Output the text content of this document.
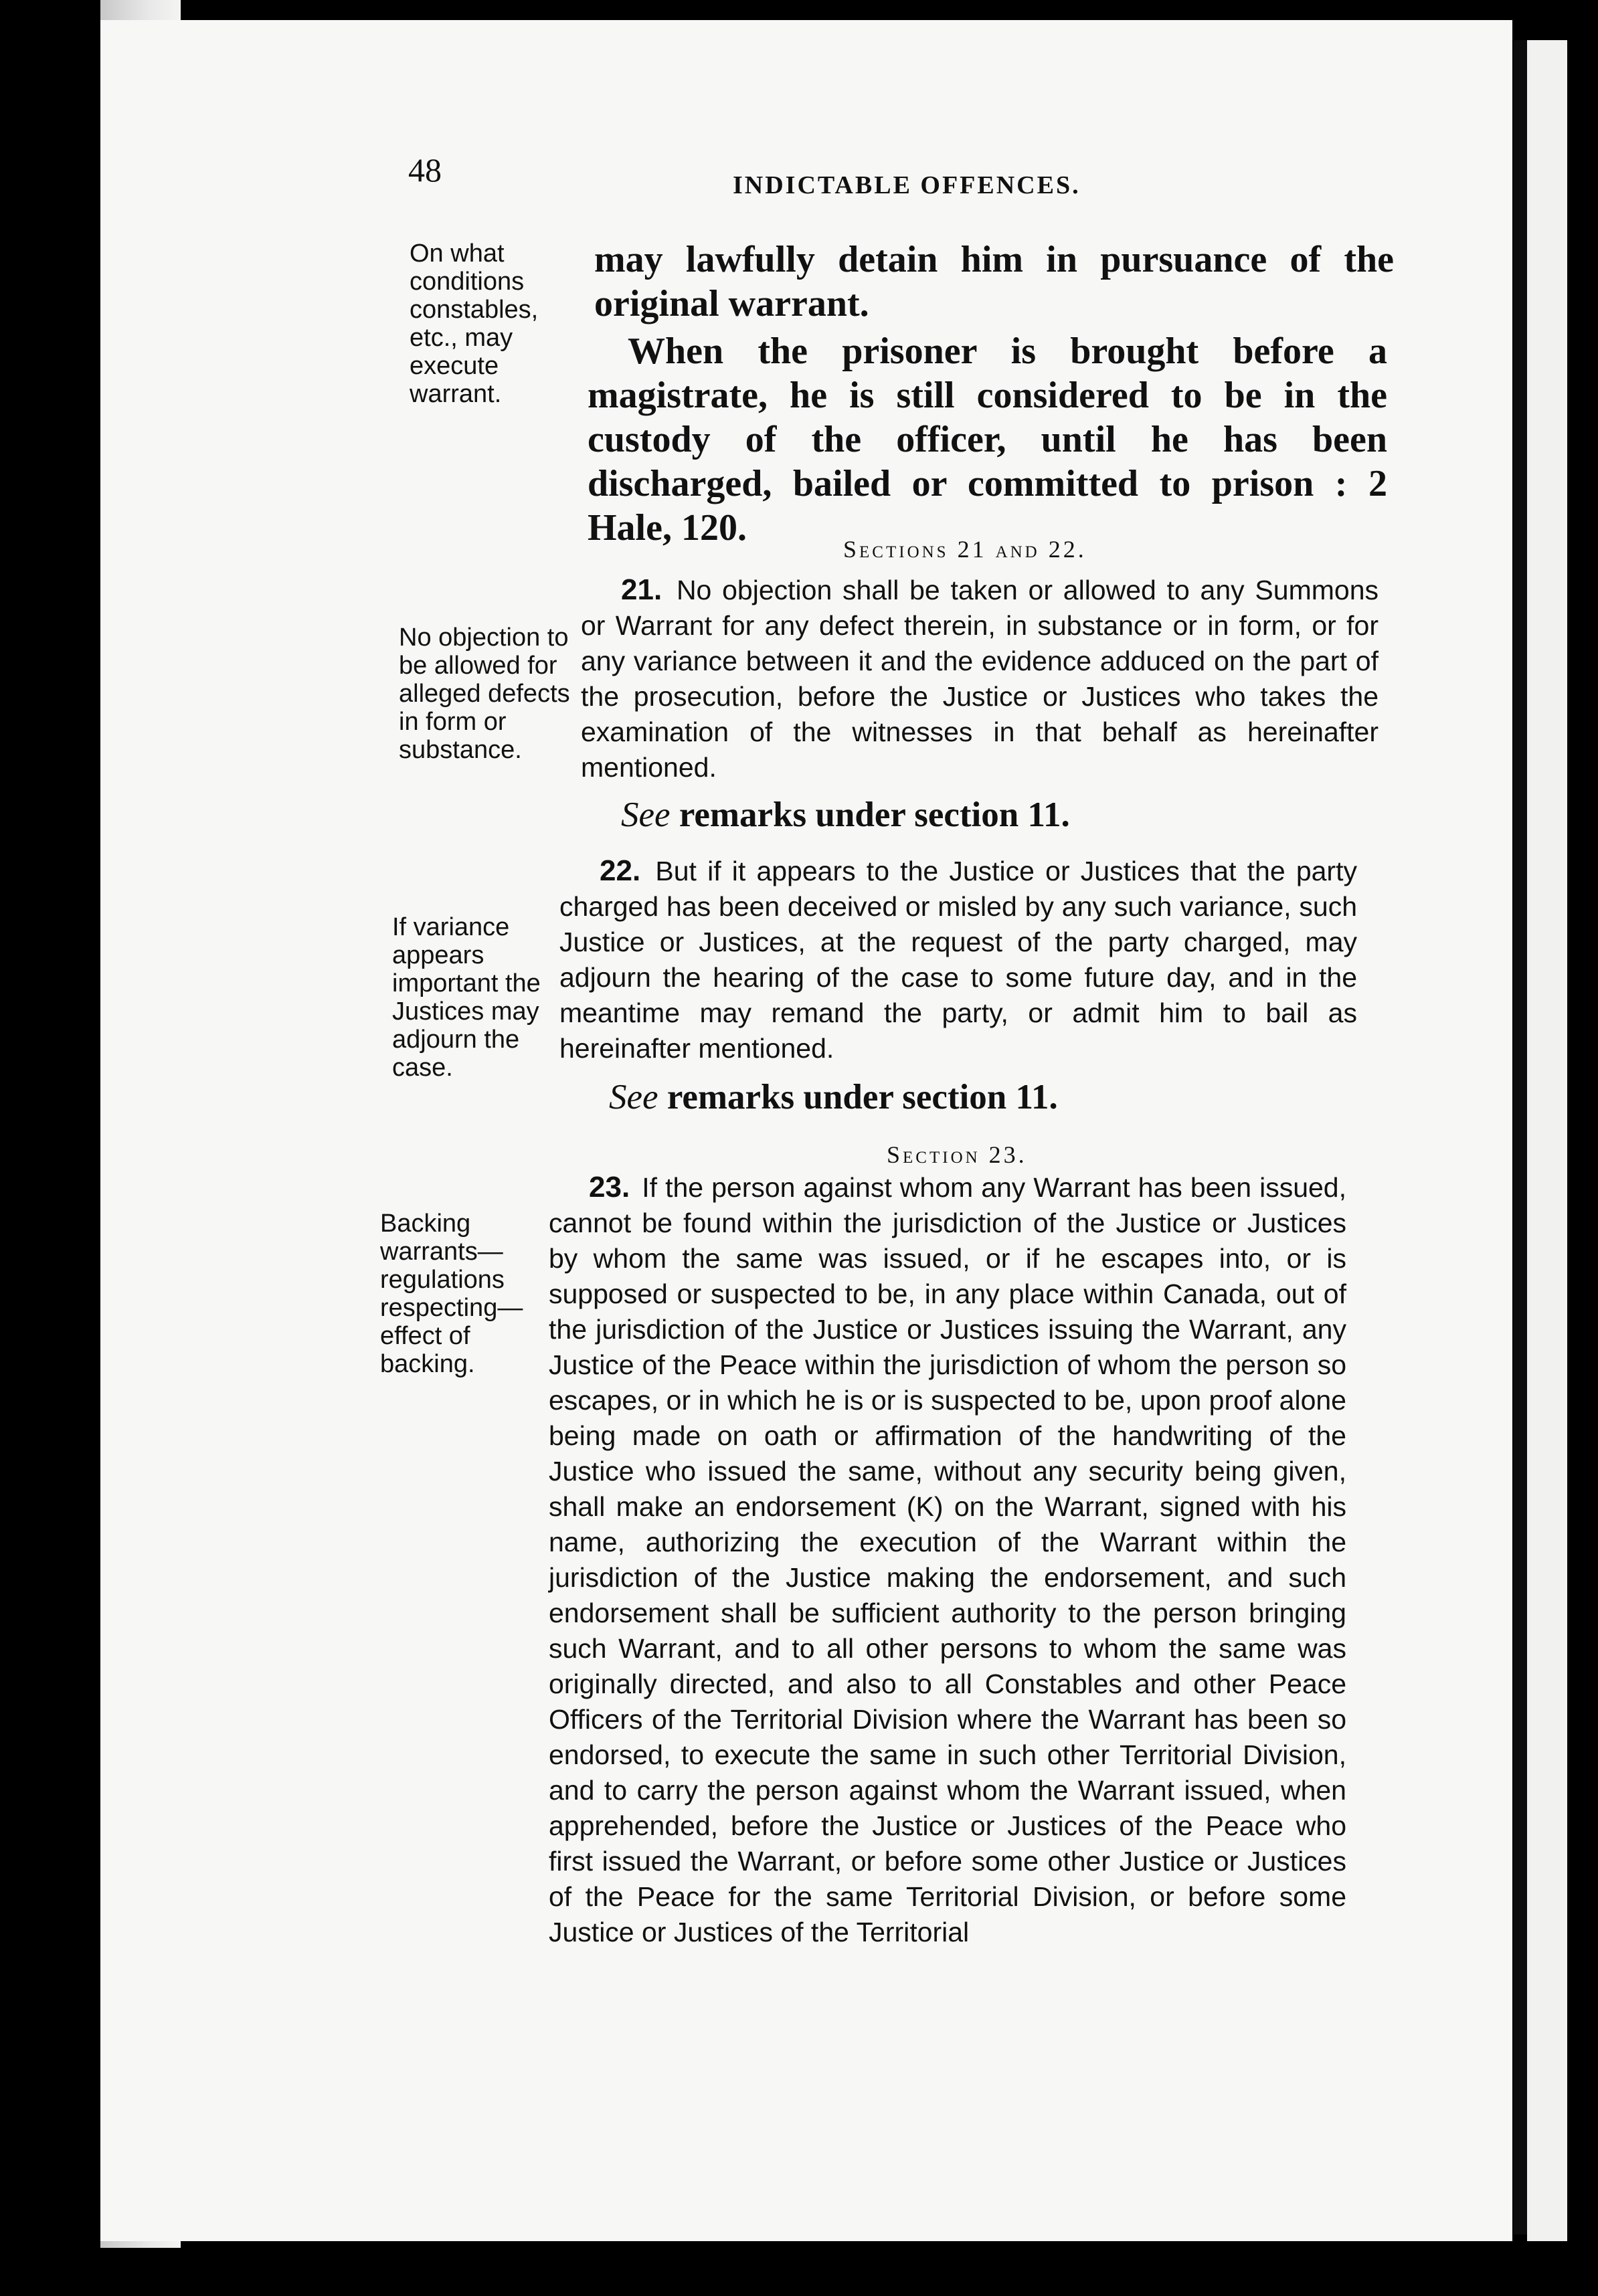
48	INDICTABLE OFFENCES.
On what conditions constables, etc., may execute warrant.
No objection to be allowed for alleged defects in form or substance.
If variance appears important the Justices may adjourn the case.
Backing warrants—regulations respecting—effect of backing.
may lawfully detain him in pursuance of the original warrant.
When the prisoner is brought before a magistrate, he is still considered to be in the custody of the officer, until he has been discharged, bailed or committed to prison : 2 Hale, 120.
Sections 21 and 22.
21. No objection shall be taken or allowed to any Summons or Warrant for any defect therein, in substance or in form, or for any variance between it and the evidence adduced on the part of the prosecution, before the Justice or Justices who takes the examination of the witnesses in that behalf as hereinafter mentioned.
See remarks under section 11.
22. But if it appears to the Justice or Justices that the party charged has been deceived or misled by any such variance, such Justice or Justices, at the request of the party charged, may adjourn the hearing of the case to some future day, and in the meantime may remand the party, or admit him to bail as hereinafter mentioned.
See remarks under section 11.
Section 23.
23. If the person against whom any Warrant has been issued, cannot be found within the jurisdiction of the Justice or Justices by whom the same was issued, or if he escapes into, or is supposed or suspected to be, in any place within Canada, out of the jurisdiction of the Justice or Justices issuing the Warrant, any Justice of the Peace within the jurisdiction of whom the person so escapes, or in which he is or is suspected to be, upon proof alone being made on oath or affirmation of the handwriting of the Justice who issued the same, without any security being given, shall make an endorsement (K) on the Warrant, signed with his name, authorizing the execution of the Warrant within the jurisdiction of the Justice making the endorsement, and such endorsement shall be sufficient authority to the person bringing such Warrant, and to all other persons to whom the same was originally directed, and also to all Constables and other Peace Officers of the Territorial Division where the Warrant has been so endorsed, to execute the same in such other Territorial Division, and to carry the person against whom the Warrant issued, when apprehended, before the Justice or Justices of the Peace who first issued the Warrant, or before some other Justice or Justices of the Peace for the same Territorial Division, or before some Justice or Justices of the Territorial
